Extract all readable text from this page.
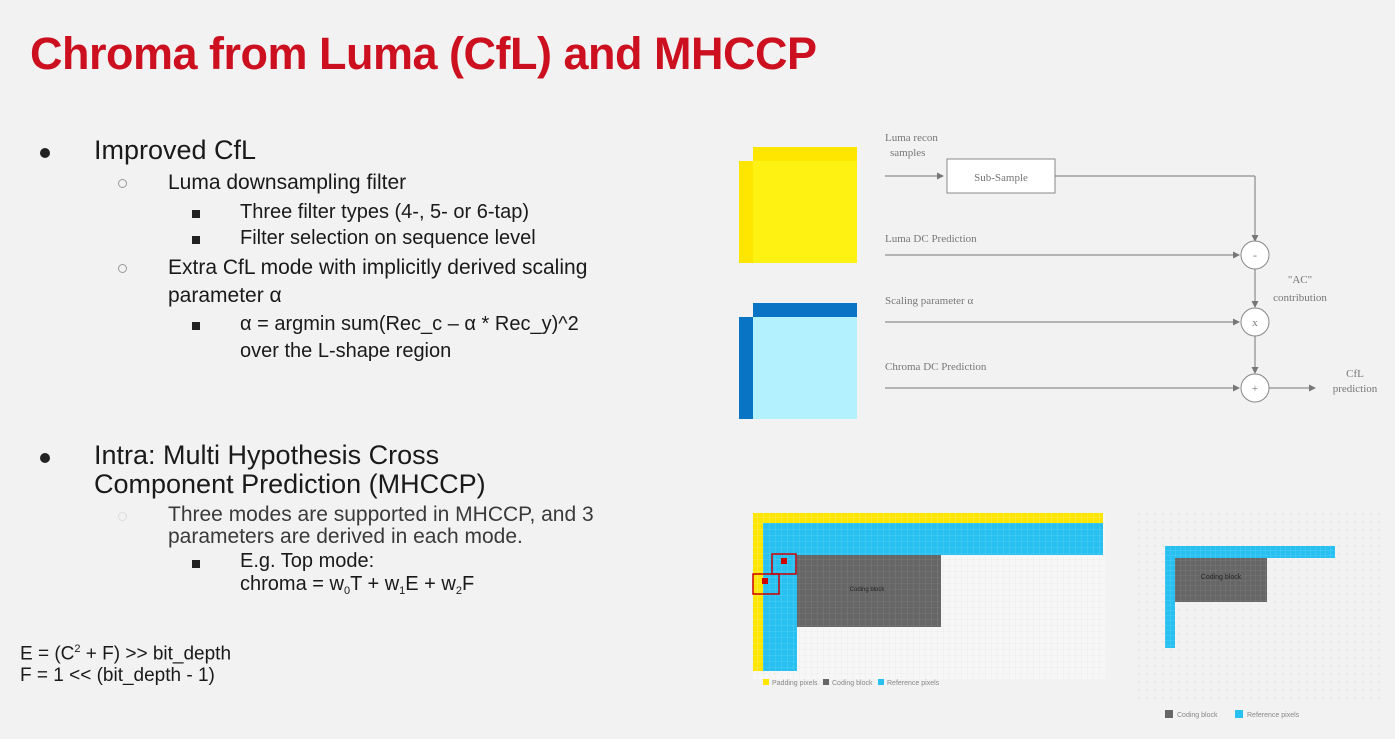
Chroma from Luma (CfL) and MHCCP
Improved CfL
Luma downsampling filter
Three filter types (4-, 5- or 6-tap)
Filter selection on sequence level
Extra CfL mode with implicitly derived scaling
parameter α
α = argmin sum(Rec_c – α * Rec_y)^2
over the L-shape region
Intra: Multi Hypothesis Cross
Component Prediction (MHCCP)
Three modes are supported in MHCCP, and 3
parameters are derived in each mode.
E.g. Top mode:
chroma = $w_0T + w_1E + w_2F$
$E = (C^2 + F)$ >> bit_depth
F = 1 << (bit_depth - 1)
Sub-Sample
-
x
+
Luma recon
samples
Luma DC Prediction
Scaling parameter α
Chroma DC Prediction
"AC"
contribution
CfL
prediction
Coding block
Padding pixels Coding block Reference pixels
Coding block
Coding block	Reference pixels
